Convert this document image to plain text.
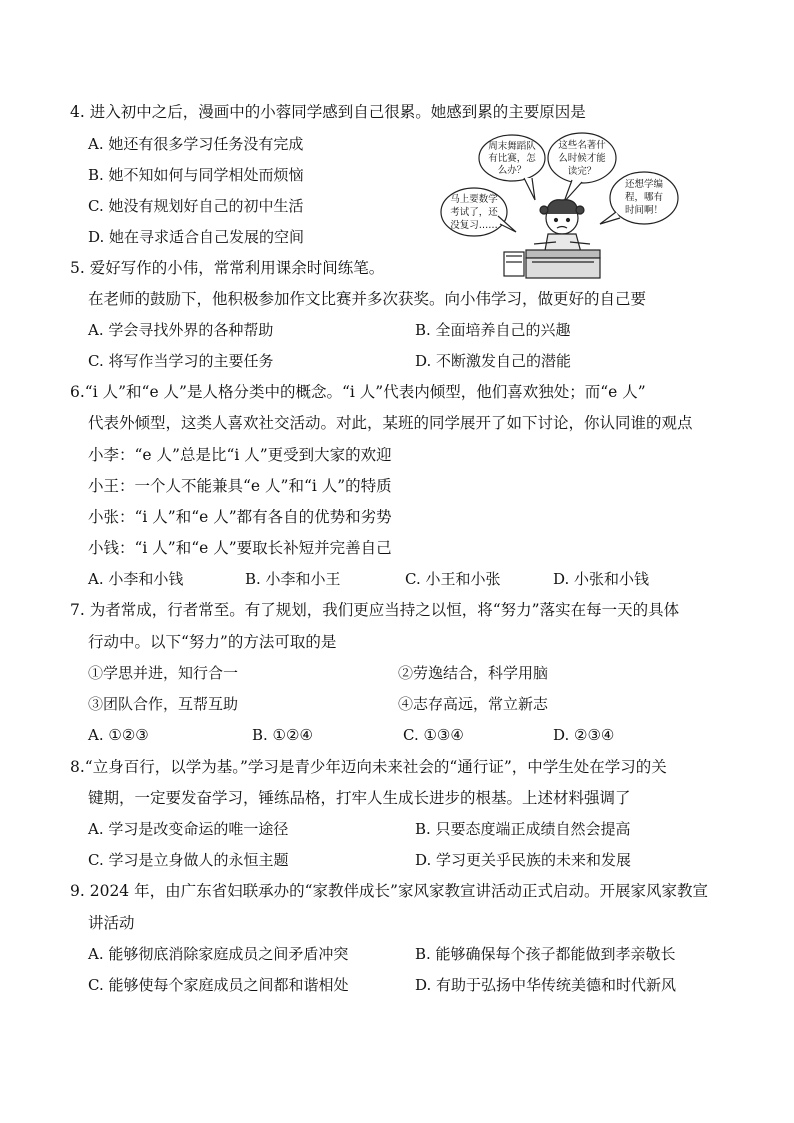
4. 进入初中之后，漫画中的小蓉同学感到自己很累。她感到累的主要原因是
A. 她还有很多学习任务没有完成
B. 她不知如何与同学相处而烦恼
C. 她没有规划好自己的初中生活
D. 她在寻求适合自己发展的空间
周末舞蹈队
有比赛，怎
么办？
这些名著什
么时候才能
读完？
马上要数学
考试了，还
没复习……
还想学编
程，哪有
时间啊！
5. 爱好写作的小伟，常常利用课余时间练笔。
在老师的鼓励下，他积极参加作文比赛并多次获奖。向小伟学习，做更好的自己要
A. 学会寻找外界的各种帮助	B. 全面培养自己的兴趣
C. 将写作当学习的主要任务	D. 不断激发自己的潜能
6.“i 人”和“e 人”是人格分类中的概念。“i 人”代表内倾型，他们喜欢独处；而“e 人”
代表外倾型，这类人喜欢社交活动。对此，某班的同学展开了如下讨论，你认同谁的观点
小李：“e 人”总是比“i 人”更受到大家的欢迎
小王：一个人不能兼具“e 人”和“i 人”的特质
小张：“i 人”和“e 人”都有各自的优势和劣势
小钱：“i 人”和“e 人”要取长补短并完善自己
A. 小李和小钱	B. 小李和小王	C. 小王和小张	D. 小张和小钱
7. 为者常成，行者常至。有了规划，我们更应当持之以恒，将“努力”落实在每一天的具体
行动中。以下“努力”的方法可取的是
①学思并进，知行合一	②劳逸结合，科学用脑
③团队合作，互帮互助	④志存高远，常立新志
A. ①②③	B. ①②④	C. ①③④	D. ②③④
8.“立身百行，以学为基。”学习是青少年迈向未来社会的“通行证”，中学生处在学习的关
键期，一定要发奋学习，锤练品格，打牢人生成长进步的根基。上述材料强调了
A. 学习是改变命运的唯一途径	B. 只要态度端正成绩自然会提高
C. 学习是立身做人的永恒主题	D. 学习更关乎民族的未来和发展
9. 2024 年，由广东省妇联承办的“家教伴成长”家风家教宣讲活动正式启动。开展家风家教宣
讲活动
A. 能够彻底消除家庭成员之间矛盾冲突	B. 能够确保每个孩子都能做到孝亲敬长
C. 能够使每个家庭成员之间都和谐相处	D. 有助于弘扬中华传统美德和时代新风
